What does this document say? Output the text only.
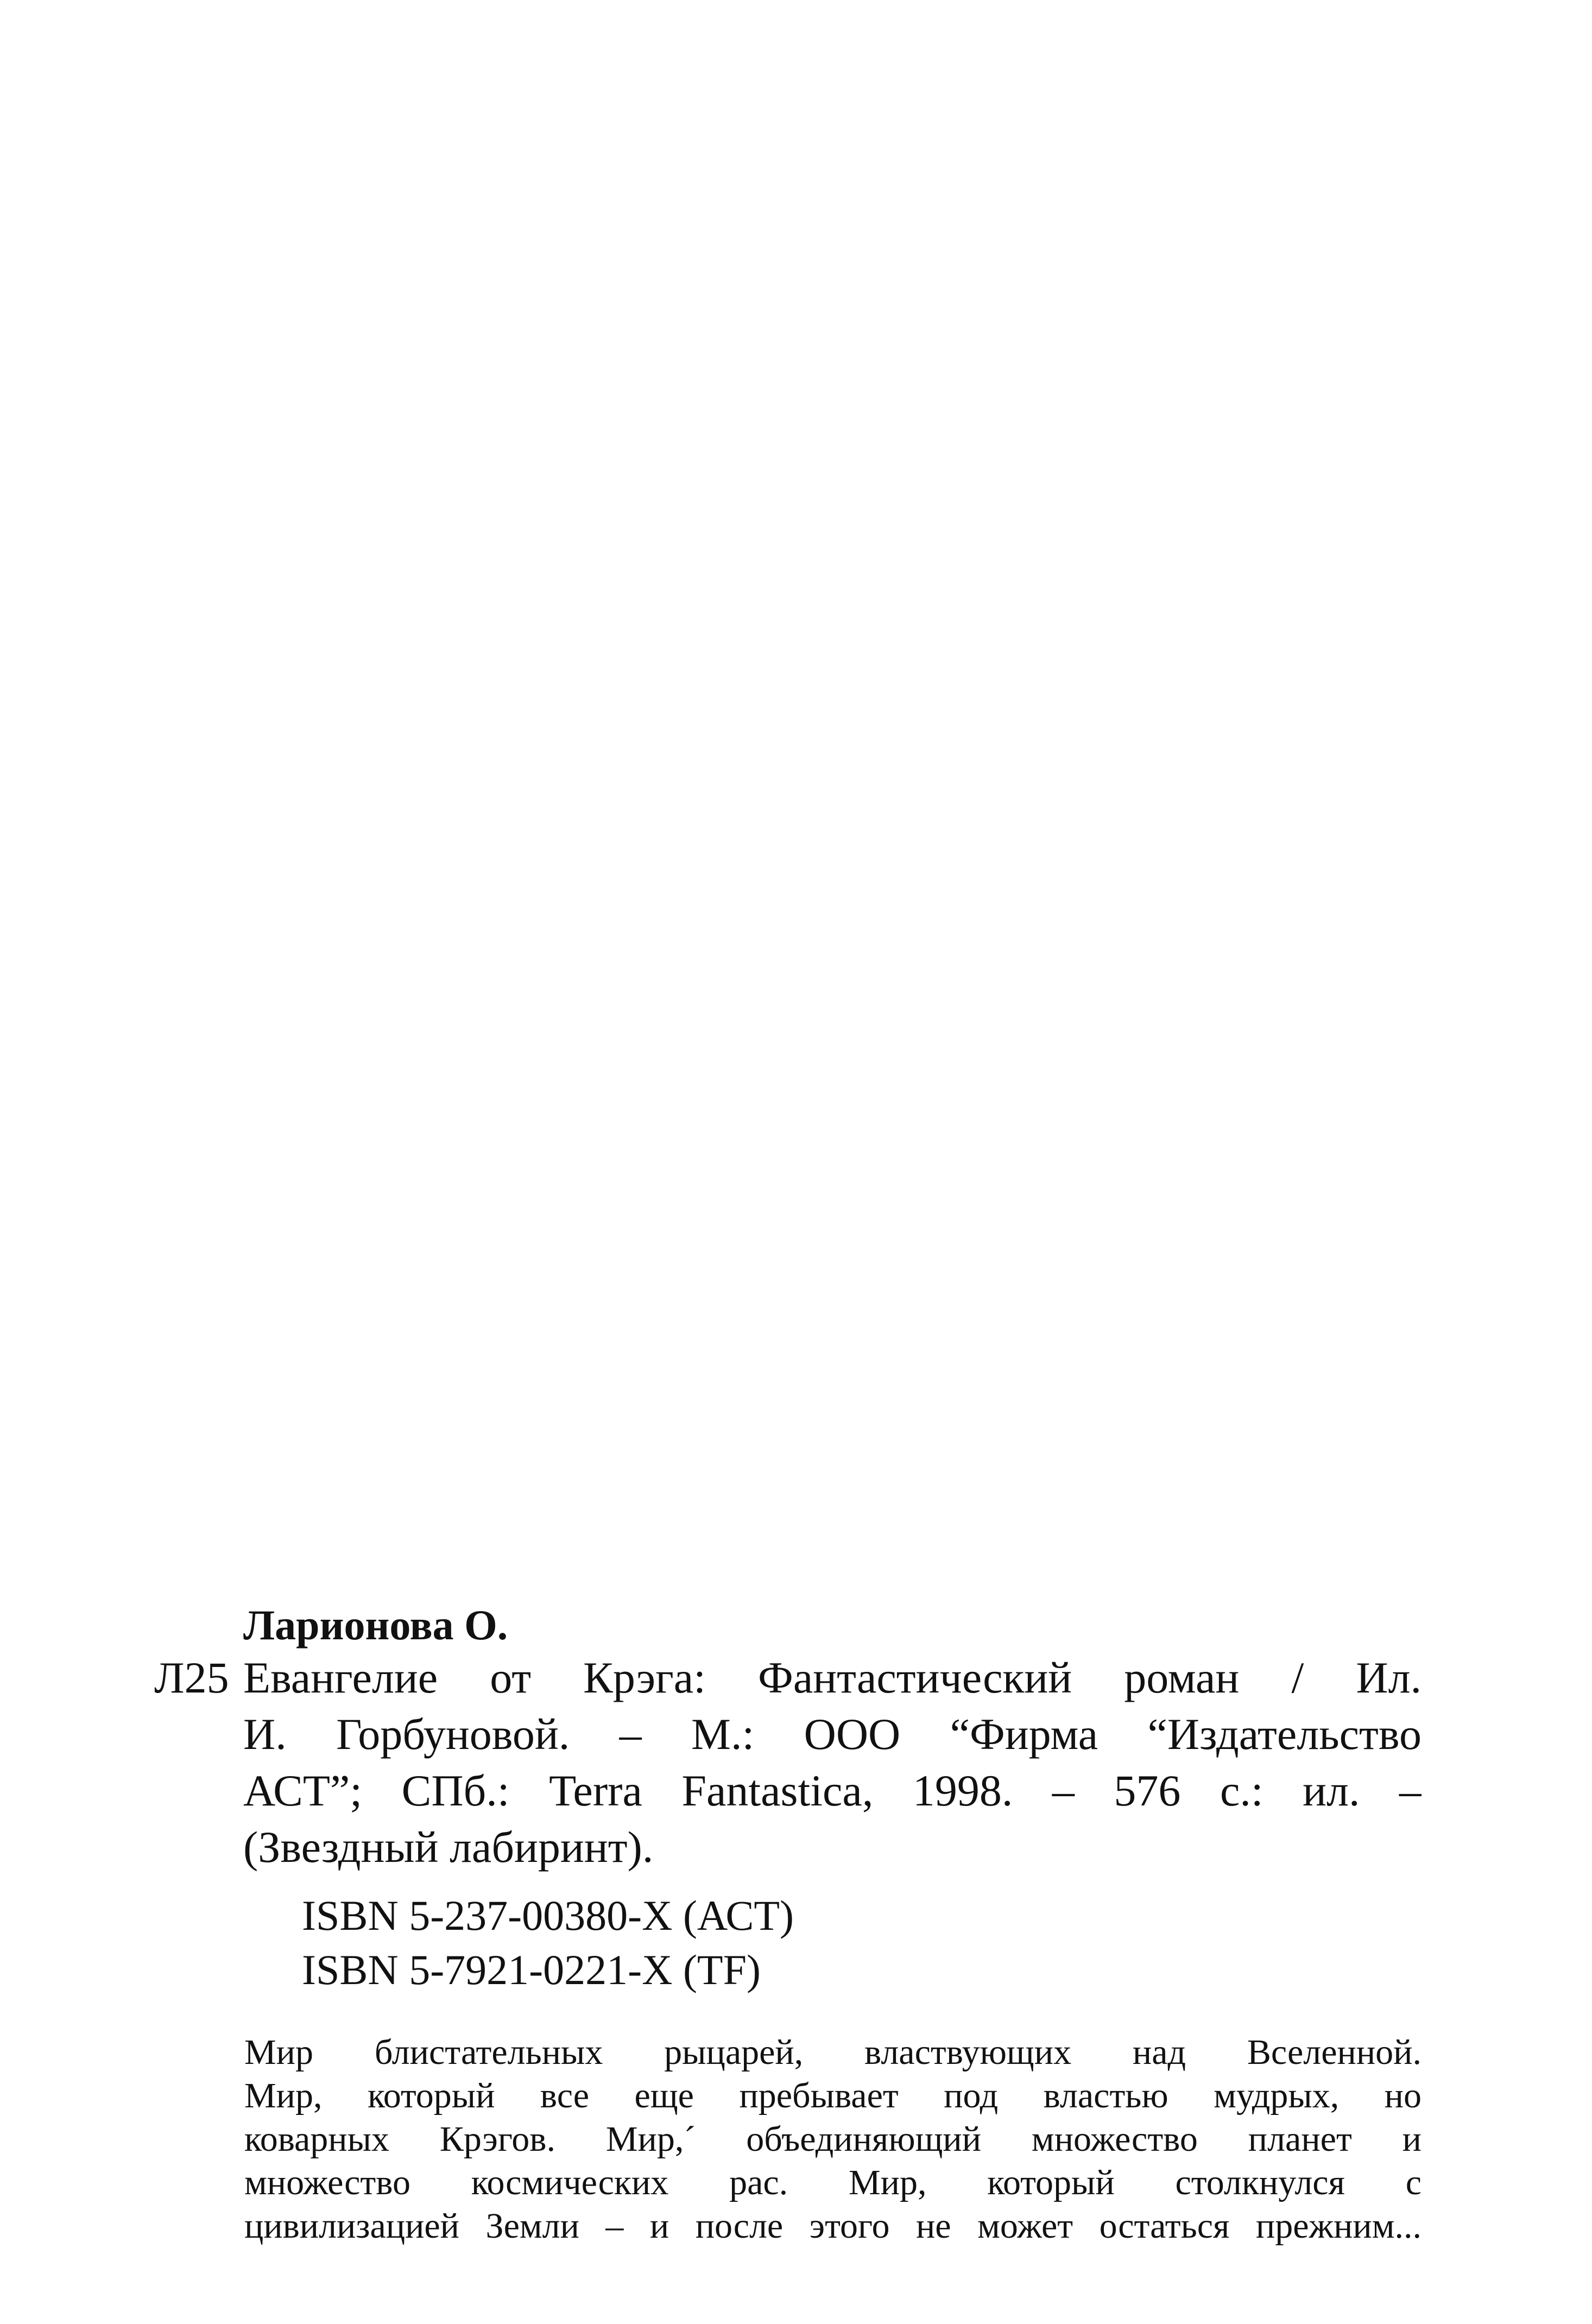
Ларионова О.
Л25 Евангелие от Крэга: Фантастический роман / Ил.
И. Горбуновой. – М.: ООО “Фирма “Издательство
АСТ”; СПб.: Terra Fantastica, 1998. – 576 с.: ил. –
(Звездный лабиринт).
ISBN 5-237-00380-X (АСТ)
ISBN 5-7921-0221-X (TF)
Мир блистательных рыцарей, властвующих над Вселенной.
Мир, который все еще пребывает под властью мудрых, но
коварных Крэгов. Мир,´ объединяющий множество планет и
множество космических рас. Мир, который столкнулся с
цивилизацией Земли – и после этого не может остаться прежним...
